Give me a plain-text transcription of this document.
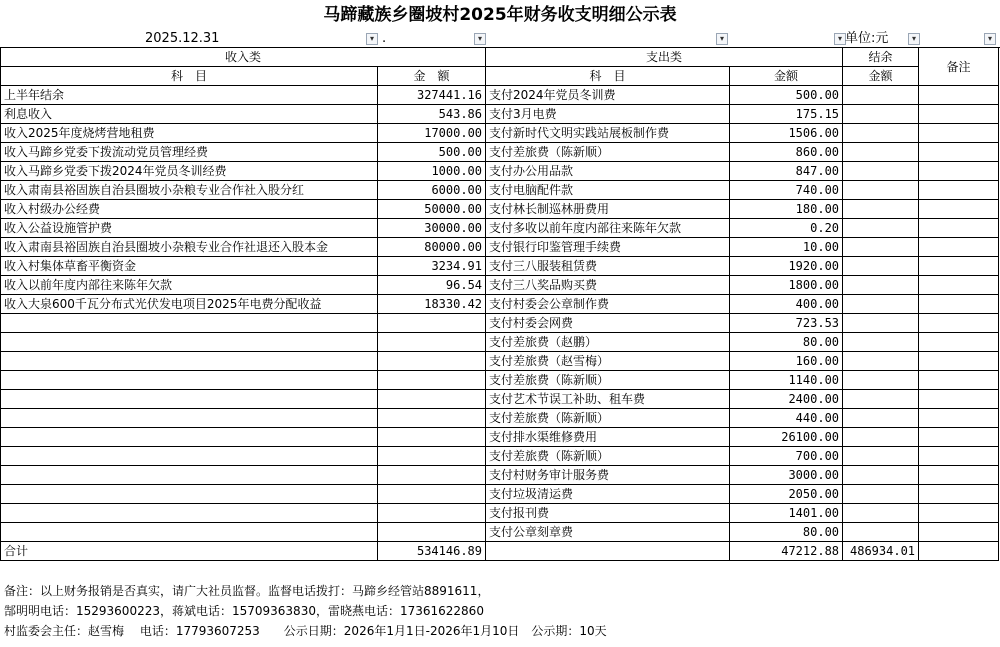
马蹄藏族乡圈坡村2025年财务收支明细公示表
2025.12.31	▾ .	▾	▾	▾ 单位:元	▾	▾
收入类		支出类		结余	备注
科　目	金　额	科　目	金额	金额	
上半年结余	327441.16	支付2024年党员冬训费	500.00		
利息收入	543.86	支付3月电费	175.15		
收入2025年度烧烤营地租费	17000.00	支付新时代文明实践站展板制作费	1506.00		
收入马蹄乡党委下拨流动党员管理经费	500.00	支付差旅费（陈新顺）	860.00		
收入马蹄乡党委下拨2024年党员冬训经费	1000.00	支付办公用品款	847.00		
收入肃南县裕固族自治县圈坡小杂粮专业合作社入股分红	6000.00	支付电脑配件款	740.00		
收入村级办公经费	50000.00	支付林长制巡林册费用	180.00		
收入公益设施管护费	30000.00	支付多收以前年度内部往来陈年欠款	0.20		
收入肃南县裕固族自治县圈坡小杂粮专业合作社退还入股本金	80000.00	支付银行印鉴管理手续费	10.00		
收入村集体草畜平衡资金	3234.91	支付三八服装租赁费	1920.00		
收入以前年度内部往来陈年欠款	96.54	支付三八奖品购买费	1800.00		
收入大泉600千瓦分布式光伏发电项目2025年电费分配收益	18330.42	支付村委会公章制作费	400.00		
		支付村委会网费	723.53		
		支付差旅费（赵鹏）	80.00		
		支付差旅费（赵雪梅）	160.00		
		支付差旅费（陈新顺）	1140.00		
		支付艺术节误工补助、租车费	2400.00		
		支付差旅费（陈新顺）	440.00		
		支付排水渠维修费用	26100.00		
		支付差旅费（陈新顺）	700.00		
		支付村财务审计服务费	3000.00		
		支付垃圾清运费	2050.00		
		支付报刊费	1401.00		
		支付公章刻章费	80.00		
合计	534146.89		47212.88	486934.01	
备注：以上财务报销是否真实，请广大社员监督。监督电话拨打：马蹄乡经管站8891611，
郜明明电话：15293600223，蒋斌电话：15709363830，雷晓燕电话：17361622860
村监委会主任：赵雪梅　 电话：17793607253　　公示日期：2026年1月1日-2026年1月10日　公示期：10天
